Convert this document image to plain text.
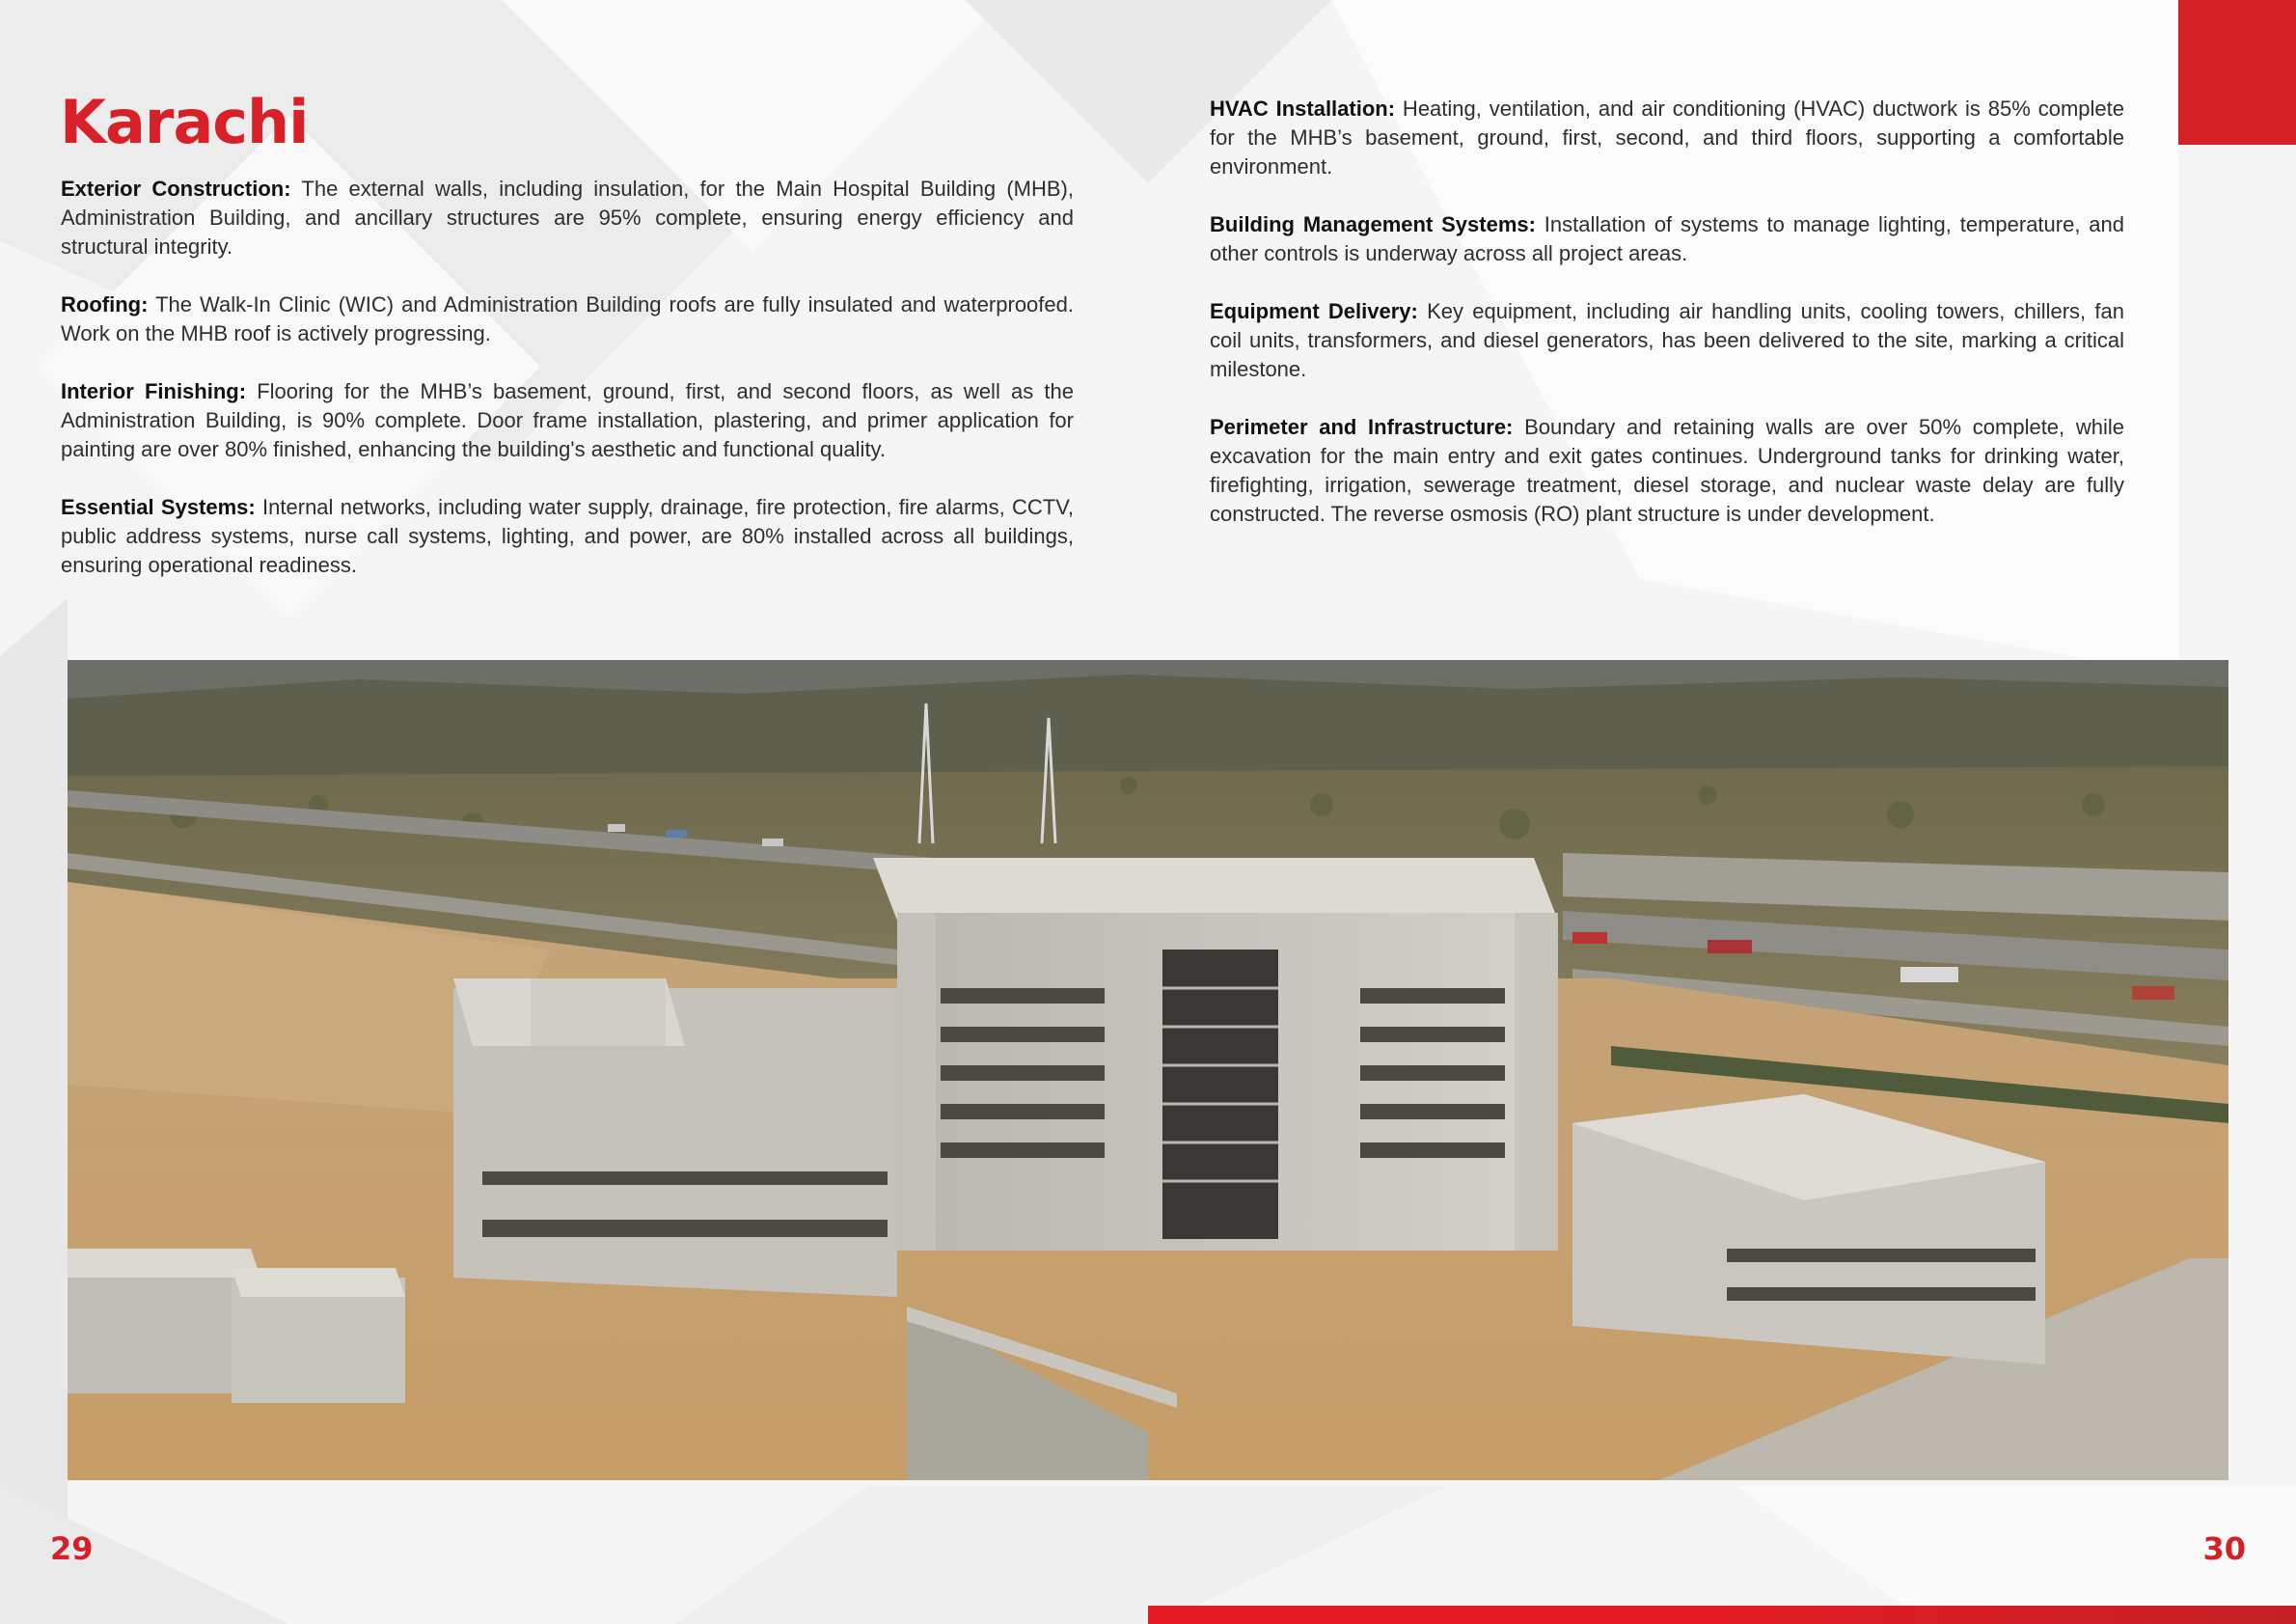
Karachi

Exterior Construction: The external walls, including insulation, for the Main Hospital Building (MHB), Administration Building, and ancillary structures are 95% complete, ensuring energy efficiency and structural integrity.

Roofing: The Walk-In Clinic (WIC) and Administration Building roofs are fully insulated and waterproofed. Work on the MHB roof is actively progressing.

Interior Finishing: Flooring for the MHB’s basement, ground, first, and second floors, as well as the Administration Building, is 90% complete. Door frame installation, plastering, and primer application for painting are over 80% finished, enhancing the building's aesthetic and functional quality.

Essential Systems: Internal networks, including water supply, drainage, fire protection, fire alarms, CCTV, public address systems, nurse call systems, lighting, and power, are 80% installed across all buildings, ensuring operational readiness.

HVAC Installation: Heating, ventilation, and air conditioning (HVAC) ductwork is 85% complete for the MHB’s basement, ground, first, second, and third floors, supporting a comfortable environment.

Building Management Systems: Installation of systems to manage lighting, temperature, and other controls is underway across all project areas.

Equipment Delivery: Key equipment, including air handling units, cooling towers, chillers, fan coil units, transformers, and diesel generators, has been delivered to the site, marking a critical milestone.

Perimeter and Infrastructure: Boundary and retaining walls are over 50% complete, while excavation for the main entry and exit gates continues. Underground tanks for drinking water, firefighting, irrigation, sewerage treatment, diesel storage, and nuclear waste delay are fully constructed. The reverse osmosis (RO) plant structure is under development.

29	30
